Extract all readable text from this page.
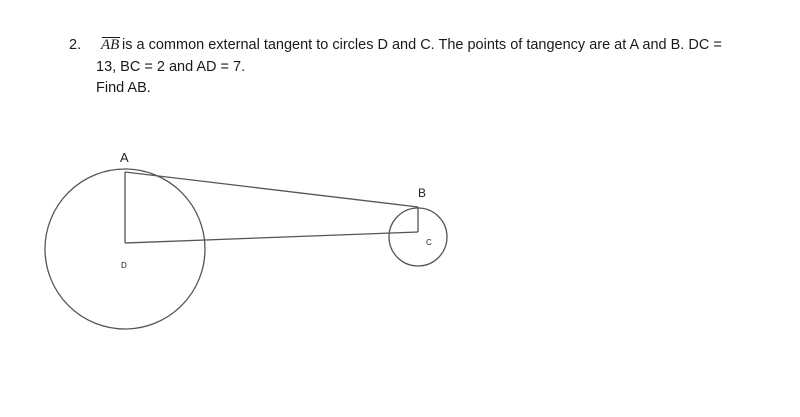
2. AB is a common external tangent to circles D and C. The points of tangency are at A and B. DC =
13, BC = 2 and AD = 7.
Find AB.
A
B
C
D
